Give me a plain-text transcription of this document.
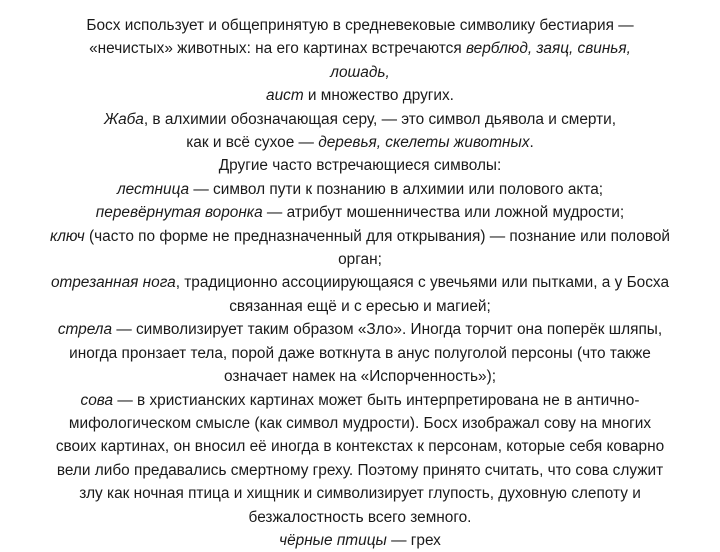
Босх использует и общепринятую в средневековые символику бестиария —
«нечистых» животных: на его картинах встречаются верблюд, заяц, свинья,
лошадь,
аист и множество других.
Жаба, в алхимии обозначающая серу, — это символ дьявола и смерти,
как и всё сухое — деревья, скелеты животных.
Другие часто встречающиеся символы:
лестница — символ пути к познанию в алхимии или полового акта;
перевёрнутая воронка — атрибут мошенничества или ложной мудрости;
ключ (часто по форме не предназначенный для открывания) — познание или половой
орган;
отрезанная нога, традиционно ассоциирующаяся с увечьями или пытками, а у Босха
связанная ещё и с ересью и магией;
стрела — символизирует таким образом «Зло». Иногда торчит она поперёк шляпы,
иногда пронзает тела, порой даже воткнута в анус полуголой персоны (что также
означает намек на «Испорченность»);
сова — в христианских картинах может быть интерпретирована не в антично-
мифологическом смысле (как символ мудрости). Босх изображал сову на многих
своих картинах, он вносил её иногда в контекстах к персонам, которые себя коварно
вели либо предавались смертному греху. Поэтому принято считать, что сова служит
злу как ночная птица и хищник и символизирует глупость, духовную слепоту и
безжалостность всего земного.
чёрные птицы — грех
